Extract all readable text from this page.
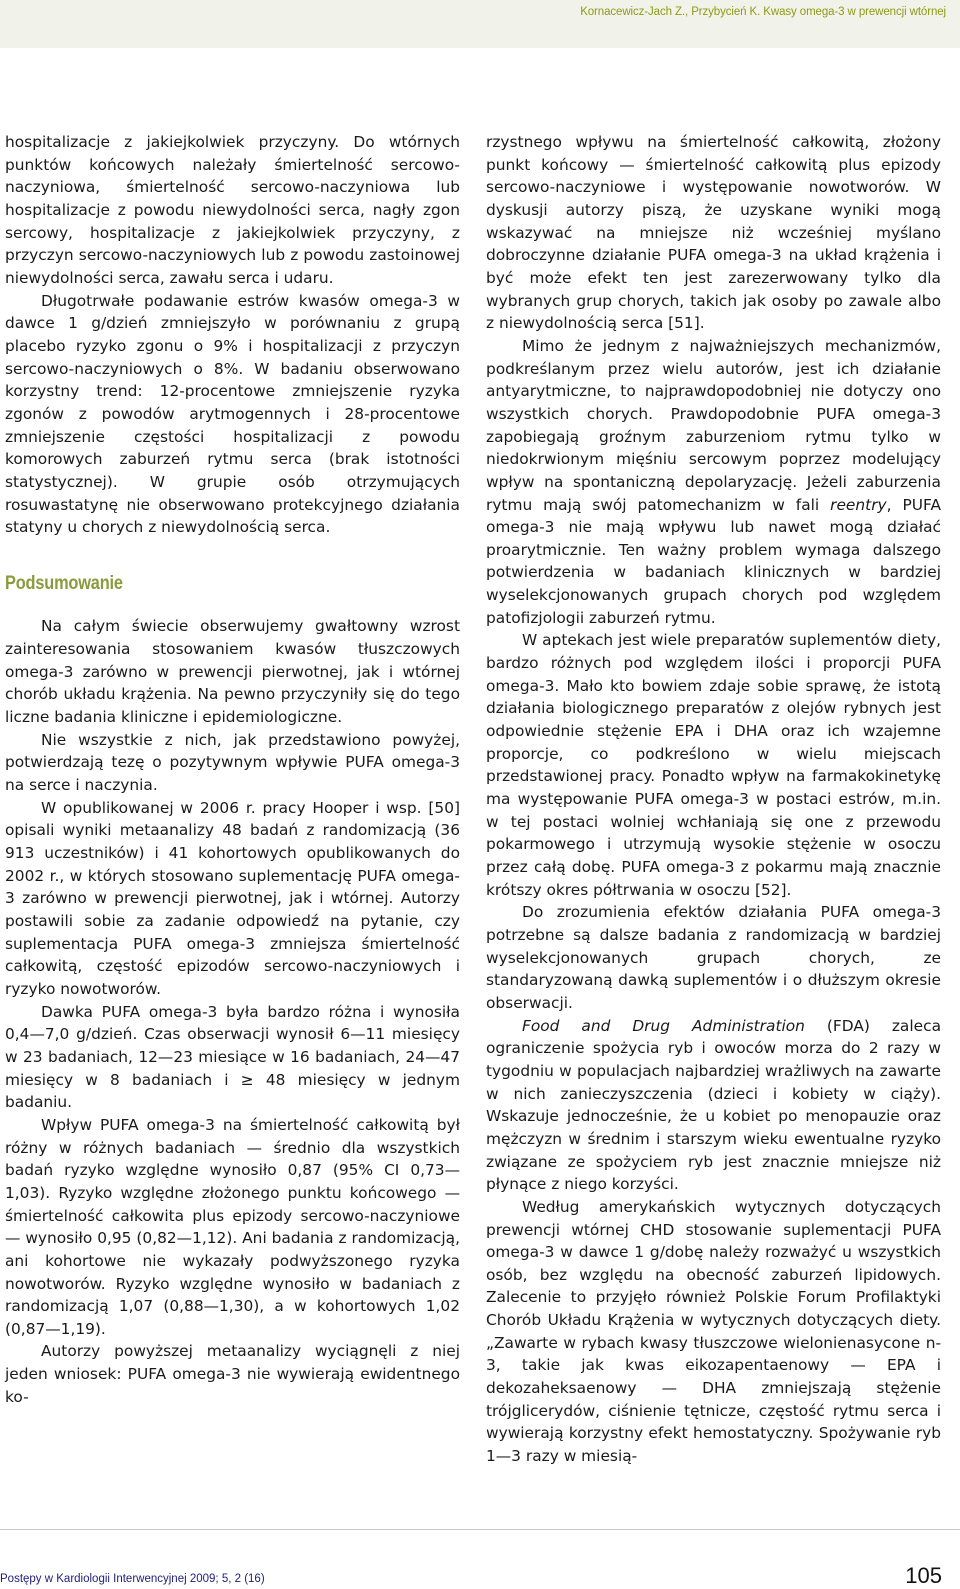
Kornacewicz-Jach Z., Przybycień K. Kwasy omega-3 w prewencji wtórnej

hospitalizacje z jakiejkolwiek przyczyny. Do wtórnych punktów końcowych należały śmiertelność sercowo-naczyniowa, śmiertelność sercowo-naczyniowa lub hospitalizacje z powodu niewydolności serca, nagły zgon sercowy, hospitalizacje z jakiejkolwiek przyczyny, z przyczyn sercowo-naczyniowych lub z powodu zastoinowej niewydolności serca, zawału serca i udaru.

Długotrwałe podawanie estrów kwasów omega-3 w dawce 1 g/dzień zmniejszyło w porównaniu z grupą placebo ryzyko zgonu o 9% i hospitalizacji z przyczyn sercowo-naczyniowych o 8%. W badaniu obserwowano korzystny trend: 12-procentowe zmniejszenie ryzyka zgonów z powodów arytmogennych i 28-procentowe zmniejszenie częstości hospitalizacji z powodu komorowych zaburzeń rytmu serca (brak istotności statystycznej). W grupie osób otrzymujących rosuwastatynę nie obserwowano protekcyjnego działania statyny u chorych z niewydolnością serca.

Podsumowanie

Na całym świecie obserwujemy gwałtowny wzrost zainteresowania stosowaniem kwasów tłuszczowych omega-3 zarówno w prewencji pierwotnej, jak i wtórnej chorób układu krążenia. Na pewno przyczyniły się do tego liczne badania kliniczne i epidemiologiczne.

Nie wszystkie z nich, jak przedstawiono powyżej, potwierdzają tezę o pozytywnym wpływie PUFA omega-3 na serce i naczynia.

W opublikowanej w 2006 r. pracy Hooper i wsp. [50] opisali wyniki metaanalizy 48 badań z randomizacją (36 913 uczestników) i 41 kohortowych opublikowanych do 2002 r., w których stosowano suplementację PUFA omega-3 zarówno w prewencji pierwotnej, jak i wtórnej. Autorzy postawili sobie za zadanie odpowiedź na pytanie, czy suplementacja PUFA omega-3 zmniejsza śmiertelność całkowitą, częstość epizodów sercowo-naczyniowych i ryzyko nowotworów.

Dawka PUFA omega-3 była bardzo różna i wynosiła 0,4—7,0 g/dzień. Czas obserwacji wynosił 6—11 miesięcy w 23 badaniach, 12—23 miesiące w 16 badaniach, 24—47 miesięcy w 8 badaniach i ≥ 48 miesięcy w jednym badaniu.

Wpływ PUFA omega-3 na śmiertelność całkowitą był różny w różnych badaniach — średnio dla wszystkich badań ryzyko względne wynosiło 0,87 (95% CI 0,73—1,03). Ryzyko względne złożonego punktu końcowego — śmiertelność całkowita plus epizody sercowo-naczyniowe — wynosiło 0,95 (0,82—1,12). Ani badania z randomizacją, ani kohortowe nie wykazały podwyższonego ryzyka nowotworów. Ryzyko względne wynosiło w badaniach z randomizacją 1,07 (0,88—1,30), a w kohortowych 1,02 (0,87—1,19).

Autorzy powyższej metaanalizy wyciągnęli z niej jeden wniosek: PUFA omega-3 nie wywierają ewidentnego ko-

rzystnego wpływu na śmiertelność całkowitą, złożony punkt końcowy — śmiertelność całkowitą plus epizody sercowo-naczyniowe i występowanie nowotworów. W dyskusji autorzy piszą, że uzyskane wyniki mogą wskazywać na mniejsze niż wcześniej myślano dobroczynne działanie PUFA omega-3 na układ krążenia i być może efekt ten jest zarezerwowany tylko dla wybranych grup chorych, takich jak osoby po zawale albo z niewydolnością serca [51].

Mimo że jednym z najważniejszych mechanizmów, podkreślanym przez wielu autorów, jest ich działanie antyarytmiczne, to najprawdopodobniej nie dotyczy ono wszystkich chorych. Prawdopodobnie PUFA omega-3 zapobiegają groźnym zaburzeniom rytmu tylko w niedokrwionym mięśniu sercowym poprzez modelujący wpływ na spontaniczną depolaryzację. Jeżeli zaburzenia rytmu mają swój patomechanizm w fali reentry, PUFA omega-3 nie mają wpływu lub nawet mogą działać proarytmicznie. Ten ważny problem wymaga dalszego potwierdzenia w badaniach klinicznych w bardziej wyselekcjonowanych grupach chorych pod względem patofizjologii zaburzeń rytmu.

W aptekach jest wiele preparatów suplementów diety, bardzo różnych pod względem ilości i proporcji PUFA omega-3. Mało kto bowiem zdaje sobie sprawę, że istotą działania biologicznego preparatów z olejów rybnych jest odpowiednie stężenie EPA i DHA oraz ich wzajemne proporcje, co podkreślono w wielu miejscach przedstawionej pracy. Ponadto wpływ na farmakokinetykę ma występowanie PUFA omega-3 w postaci estrów, m.in. w tej postaci wolniej wchłaniają się one z przewodu pokarmowego i utrzymują wysokie stężenie w osoczu przez całą dobę. PUFA omega-3 z pokarmu mają znacznie krótszy okres półtrwania w osoczu [52].

Do zrozumienia efektów działania PUFA omega-3 potrzebne są dalsze badania z randomizacją w bardziej wyselekcjonowanych grupach chorych, ze standaryzowaną dawką suplementów i o dłuższym okresie obserwacji.

Food and Drug Administration (FDA) zaleca ograniczenie spożycia ryb i owoców morza do 2 razy w tygodniu w populacjach najbardziej wrażliwych na zawarte w nich zanieczyszczenia (dzieci i kobiety w ciąży). Wskazuje jednocześnie, że u kobiet po menopauzie oraz mężczyzn w średnim i starszym wieku ewentualne ryzyko związane ze spożyciem ryb jest znacznie mniejsze niż płynące z niego korzyści.

Według amerykańskich wytycznych dotyczących prewencji wtórnej CHD stosowanie suplementacji PUFA omega-3 w dawce 1 g/dobę należy rozważyć u wszystkich osób, bez względu na obecność zaburzeń lipidowych. Zalecenie to przyjęło również Polskie Forum Profilaktyki Chorób Układu Krążenia w wytycznych dotyczących diety. „Zawarte w rybach kwasy tłuszczowe wielonienasycone n-3, takie jak kwas eikozapentaenowy — EPA i dekozaheksaenowy — DHA zmniejszają stężenie trójglicerydów, ciśnienie tętnicze, częstość rytmu serca i wywierają korzystny efekt hemostatyczny. Spożywanie ryb 1—3 razy w miesią-

Postępy w Kardiologii Interwencyjnej 2009; 5, 2 (16)	105
